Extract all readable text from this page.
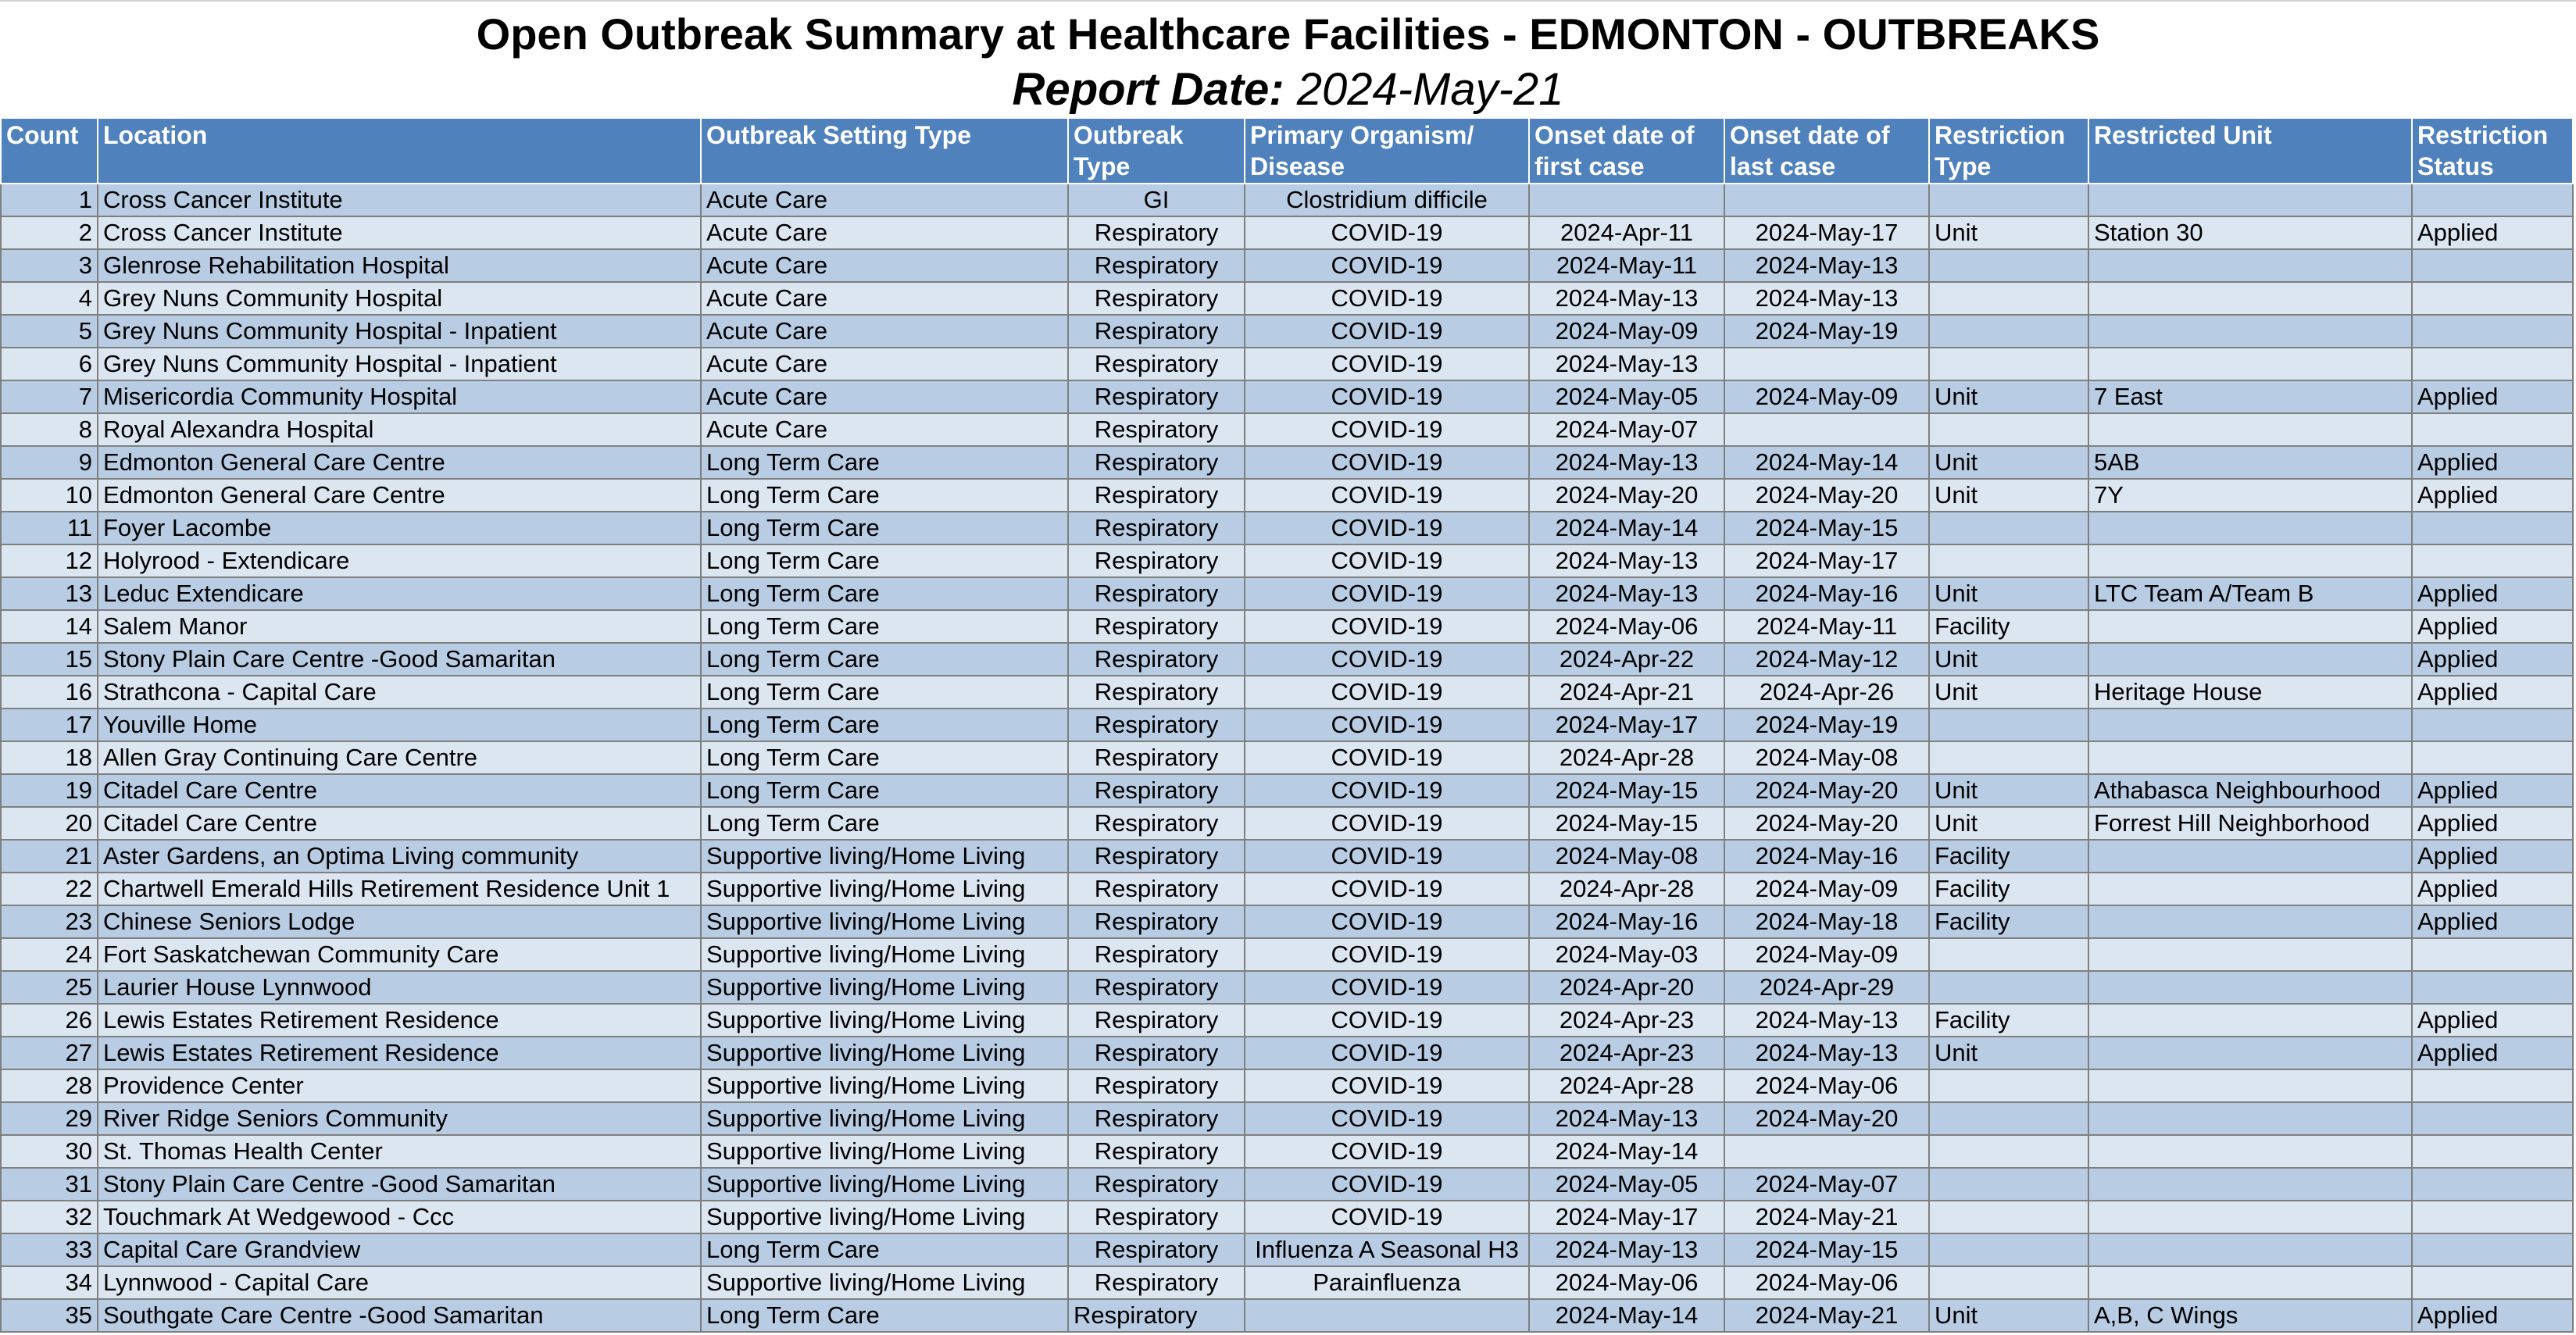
Open Outbreak Summary at Healthcare Facilities - EDMONTON - OUTBREAKS
Report Date: 2024-May-21
Count	Location	Outbreak Setting Type	Outbreak Type	Primary Organism/ Disease	Onset date of first case	Onset date of last case	Restriction Type	Restricted Unit	Restriction Status
1	Cross Cancer Institute	Acute Care	GI	Clostridium difficile					
2	Cross Cancer Institute	Acute Care	Respiratory	COVID-19	2024-Apr-11	2024-May-17	Unit	Station 30	Applied
3	Glenrose Rehabilitation Hospital	Acute Care	Respiratory	COVID-19	2024-May-11	2024-May-13			
4	Grey Nuns Community Hospital	Acute Care	Respiratory	COVID-19	2024-May-13	2024-May-13			
5	Grey Nuns Community Hospital - Inpatient	Acute Care	Respiratory	COVID-19	2024-May-09	2024-May-19			
6	Grey Nuns Community Hospital - Inpatient	Acute Care	Respiratory	COVID-19	2024-May-13				
7	Misericordia Community Hospital	Acute Care	Respiratory	COVID-19	2024-May-05	2024-May-09	Unit	7 East	Applied
8	Royal Alexandra Hospital	Acute Care	Respiratory	COVID-19	2024-May-07				
9	Edmonton General Care Centre	Long Term Care	Respiratory	COVID-19	2024-May-13	2024-May-14	Unit	5AB	Applied
10	Edmonton General Care Centre	Long Term Care	Respiratory	COVID-19	2024-May-20	2024-May-20	Unit	7Y	Applied
11	Foyer Lacombe	Long Term Care	Respiratory	COVID-19	2024-May-14	2024-May-15			
12	Holyrood - Extendicare	Long Term Care	Respiratory	COVID-19	2024-May-13	2024-May-17			
13	Leduc Extendicare	Long Term Care	Respiratory	COVID-19	2024-May-13	2024-May-16	Unit	LTC Team A/Team B	Applied
14	Salem Manor	Long Term Care	Respiratory	COVID-19	2024-May-06	2024-May-11	Facility		Applied
15	Stony Plain Care Centre -Good Samaritan	Long Term Care	Respiratory	COVID-19	2024-Apr-22	2024-May-12	Unit		Applied
16	Strathcona - Capital Care	Long Term Care	Respiratory	COVID-19	2024-Apr-21	2024-Apr-26	Unit	Heritage House	Applied
17	Youville Home	Long Term Care	Respiratory	COVID-19	2024-May-17	2024-May-19			
18	Allen Gray Continuing Care Centre	Long Term Care	Respiratory	COVID-19	2024-Apr-28	2024-May-08			
19	Citadel Care Centre	Long Term Care	Respiratory	COVID-19	2024-May-15	2024-May-20	Unit	Athabasca Neighbourhood	Applied
20	Citadel Care Centre	Long Term Care	Respiratory	COVID-19	2024-May-15	2024-May-20	Unit	Forrest Hill Neighborhood	Applied
21	Aster Gardens, an Optima Living community	Supportive living/Home Living	Respiratory	COVID-19	2024-May-08	2024-May-16	Facility		Applied
22	Chartwell Emerald Hills Retirement Residence Unit 1	Supportive living/Home Living	Respiratory	COVID-19	2024-Apr-28	2024-May-09	Facility		Applied
23	Chinese Seniors Lodge	Supportive living/Home Living	Respiratory	COVID-19	2024-May-16	2024-May-18	Facility		Applied
24	Fort Saskatchewan Community Care	Supportive living/Home Living	Respiratory	COVID-19	2024-May-03	2024-May-09			
25	Laurier House Lynnwood	Supportive living/Home Living	Respiratory	COVID-19	2024-Apr-20	2024-Apr-29			
26	Lewis Estates Retirement Residence	Supportive living/Home Living	Respiratory	COVID-19	2024-Apr-23	2024-May-13	Facility		Applied
27	Lewis Estates Retirement Residence	Supportive living/Home Living	Respiratory	COVID-19	2024-Apr-23	2024-May-13	Unit		Applied
28	Providence Center	Supportive living/Home Living	Respiratory	COVID-19	2024-Apr-28	2024-May-06			
29	River Ridge Seniors Community	Supportive living/Home Living	Respiratory	COVID-19	2024-May-13	2024-May-20			
30	St. Thomas Health Center	Supportive living/Home Living	Respiratory	COVID-19	2024-May-14				
31	Stony Plain Care Centre -Good Samaritan	Supportive living/Home Living	Respiratory	COVID-19	2024-May-05	2024-May-07			
32	Touchmark At Wedgewood - Ccc	Supportive living/Home Living	Respiratory	COVID-19	2024-May-17	2024-May-21			
33	Capital Care Grandview	Long Term Care	Respiratory	Influenza A Seasonal H3	2024-May-13	2024-May-15			
34	Lynnwood - Capital Care	Supportive living/Home Living	Respiratory	Parainfluenza	2024-May-06	2024-May-06			
35	Southgate Care Centre -Good Samaritan	Long Term Care	Respiratory		2024-May-14	2024-May-21	Unit	A,B, C Wings	Applied
